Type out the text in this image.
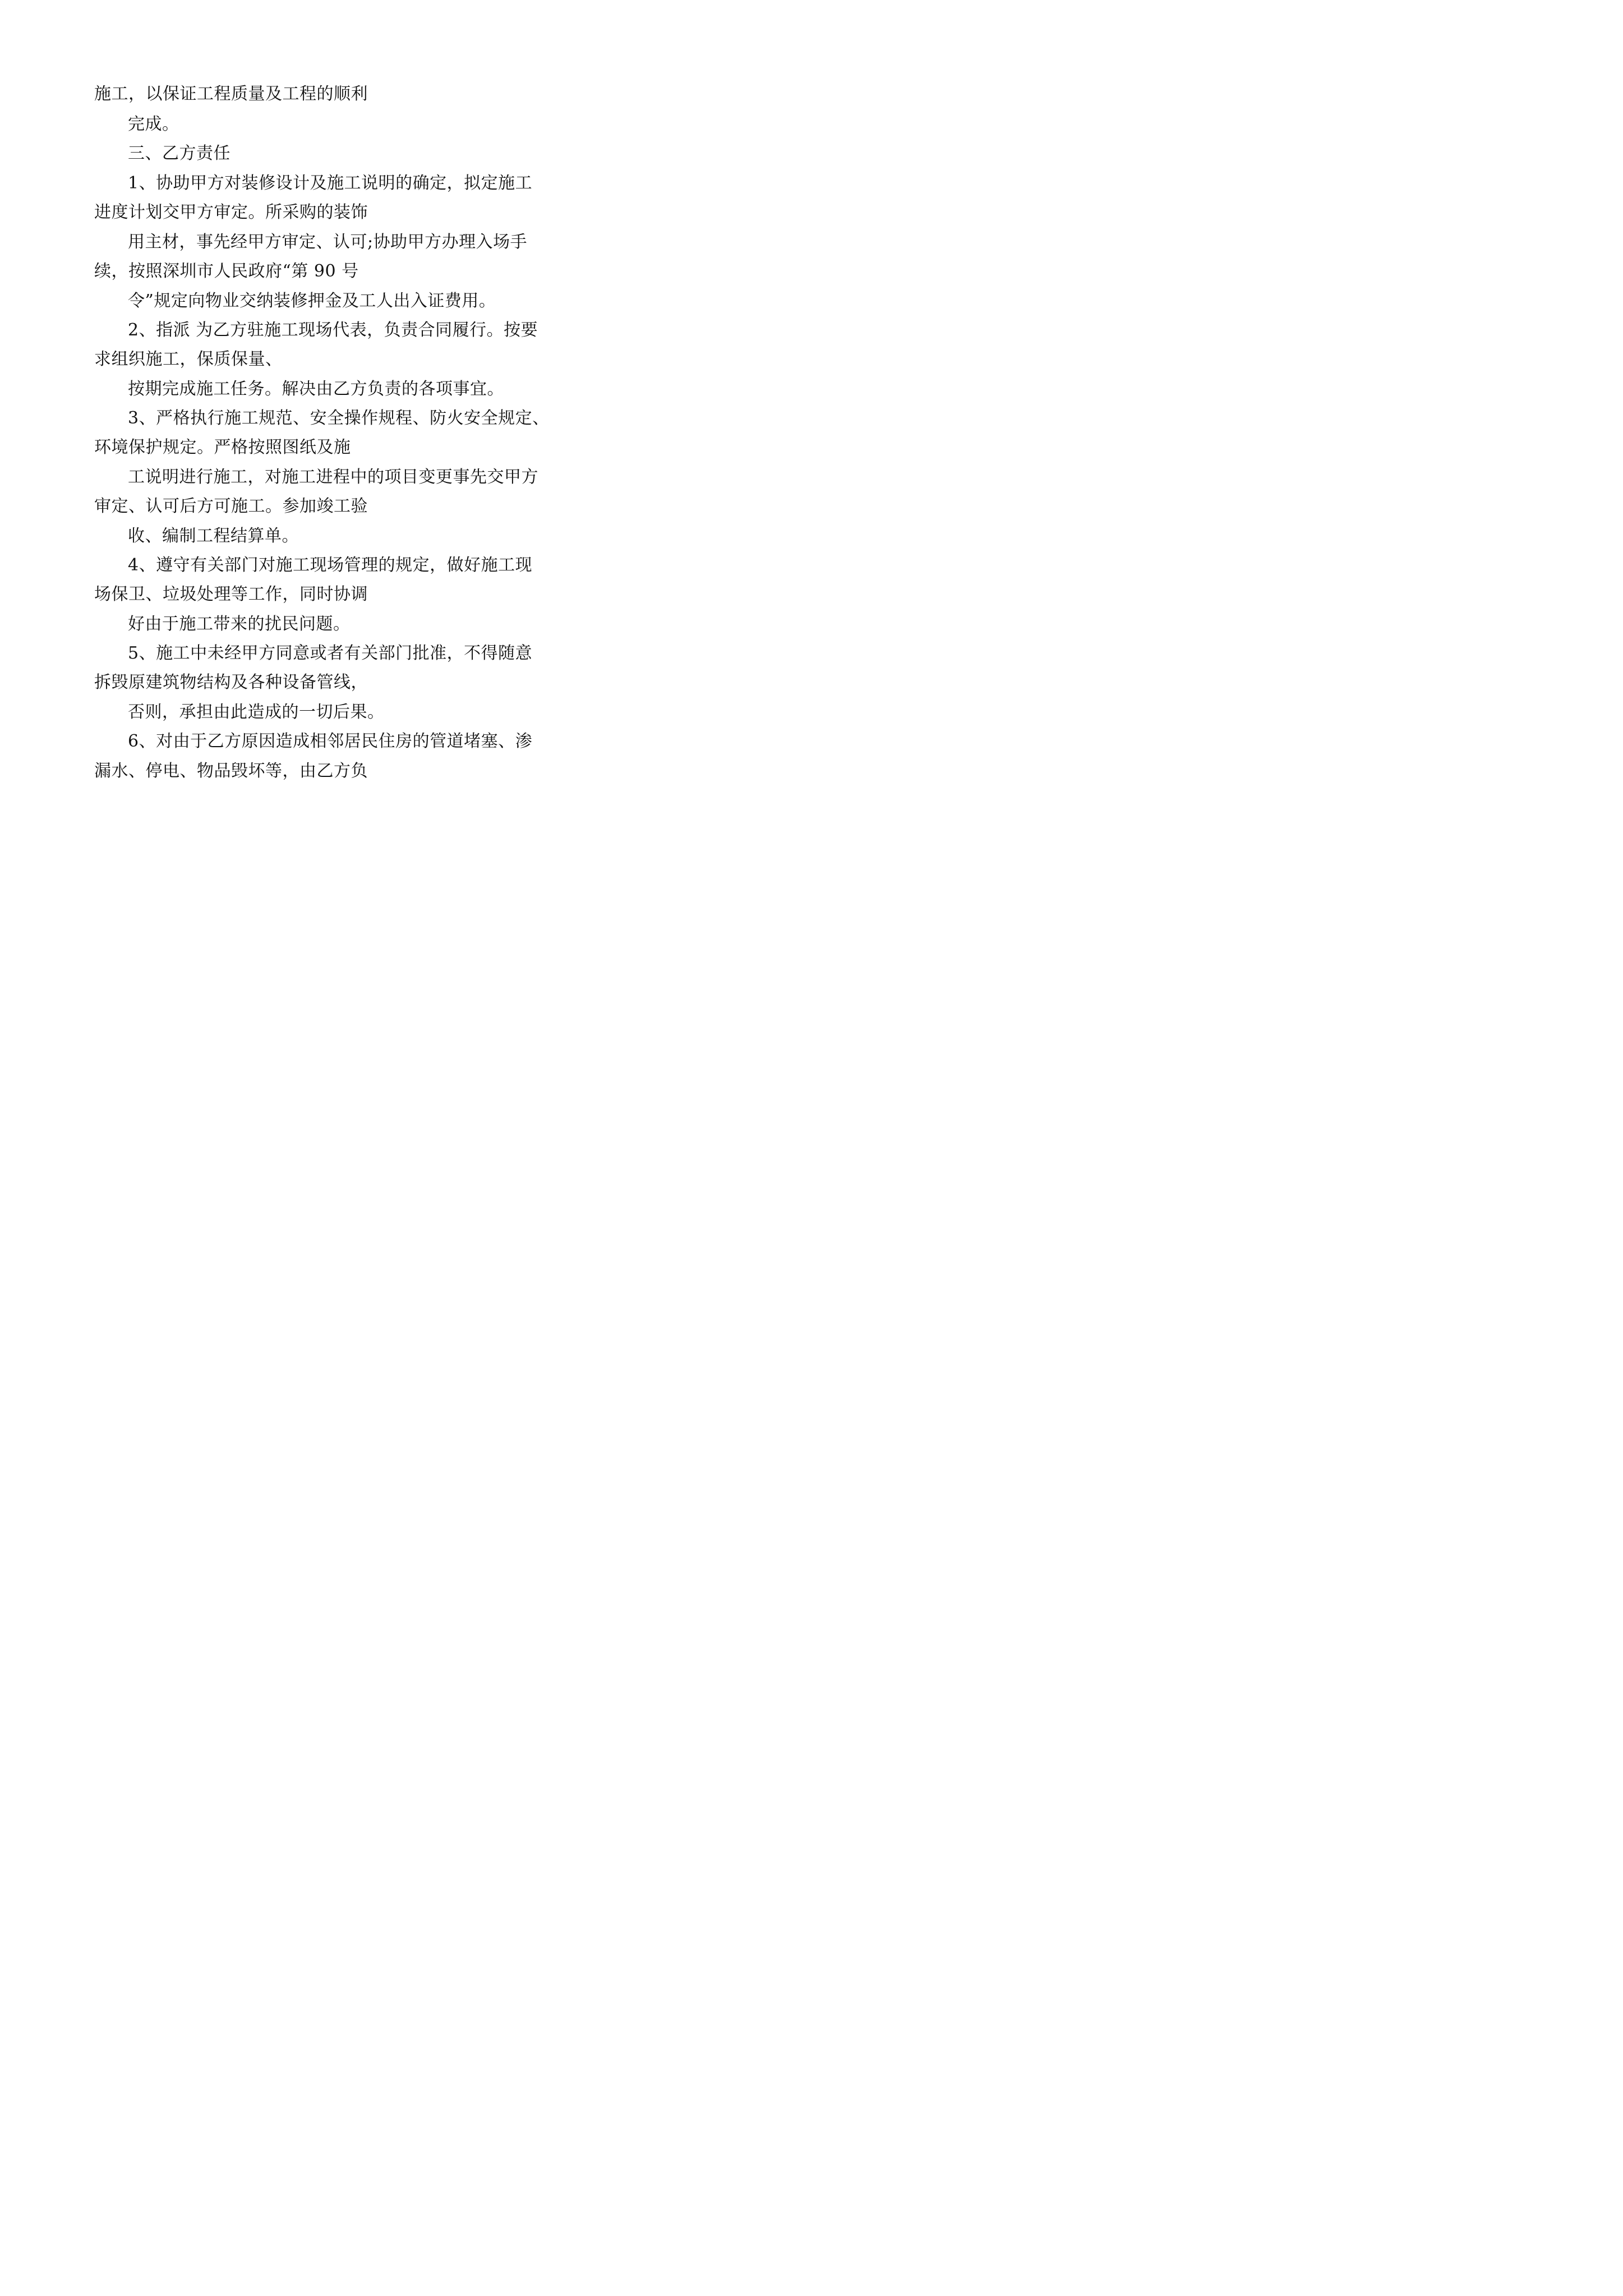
施工，以保证工程质量及工程的顺利
完成。
三、乙方责任
1、协助甲方对装修设计及施工说明的确定，拟定施工
进度计划交甲方审定。所采购的装饰
用主材，事先经甲方审定、认可;协助甲方办理入场手
续，按照深圳市人民政府“第 90 号
令”规定向物业交纳装修押金及工人出入证费用。
2、指派 为乙方驻施工现场代表，负责合同履行。按要
求组织施工，保质保量、
按期完成施工任务。解决由乙方负责的各项事宜。
3、严格执行施工规范、安全操作规程、防火安全规定、
环境保护规定。严格按照图纸及施
工说明进行施工，对施工进程中的项目变更事先交甲方
审定、认可后方可施工。参加竣工验
收、编制工程结算单。
4、遵守有关部门对施工现场管理的规定，做好施工现
场保卫、垃圾处理等工作，同时协调
好由于施工带来的扰民问题。
5、施工中未经甲方同意或者有关部门批准，不得随意
拆毁原建筑物结构及各种设备管线，
否则，承担由此造成的一切后果。
6、对由于乙方原因造成相邻居民住房的管道堵塞、渗
漏水、停电、物品毁坏等，由乙方负
